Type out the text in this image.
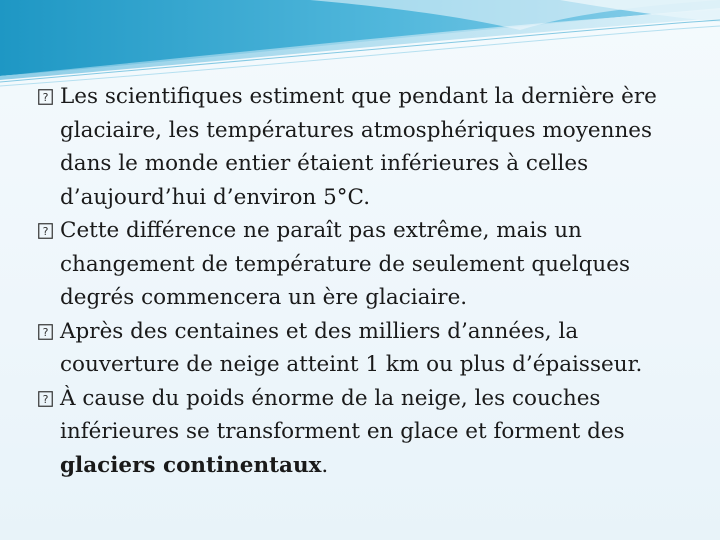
? Les scientifiques estiment que pendant la dernière ère glaciaire, les températures atmosphériques moyennes dans le monde entier étaient inférieures à celles d’aujourd’hui d’environ 5°C.

? Cette différence ne paraît pas extrême, mais un changement de température de seulement quelques degrés commencera un ère glaciaire.

? Après des centaines et des milliers d’années, la couverture de neige atteint 1 km ou plus d’épaisseur.

? À cause du poids énorme de la neige, les couches inférieures se transforment en glace et forment des glaciers continentaux.
